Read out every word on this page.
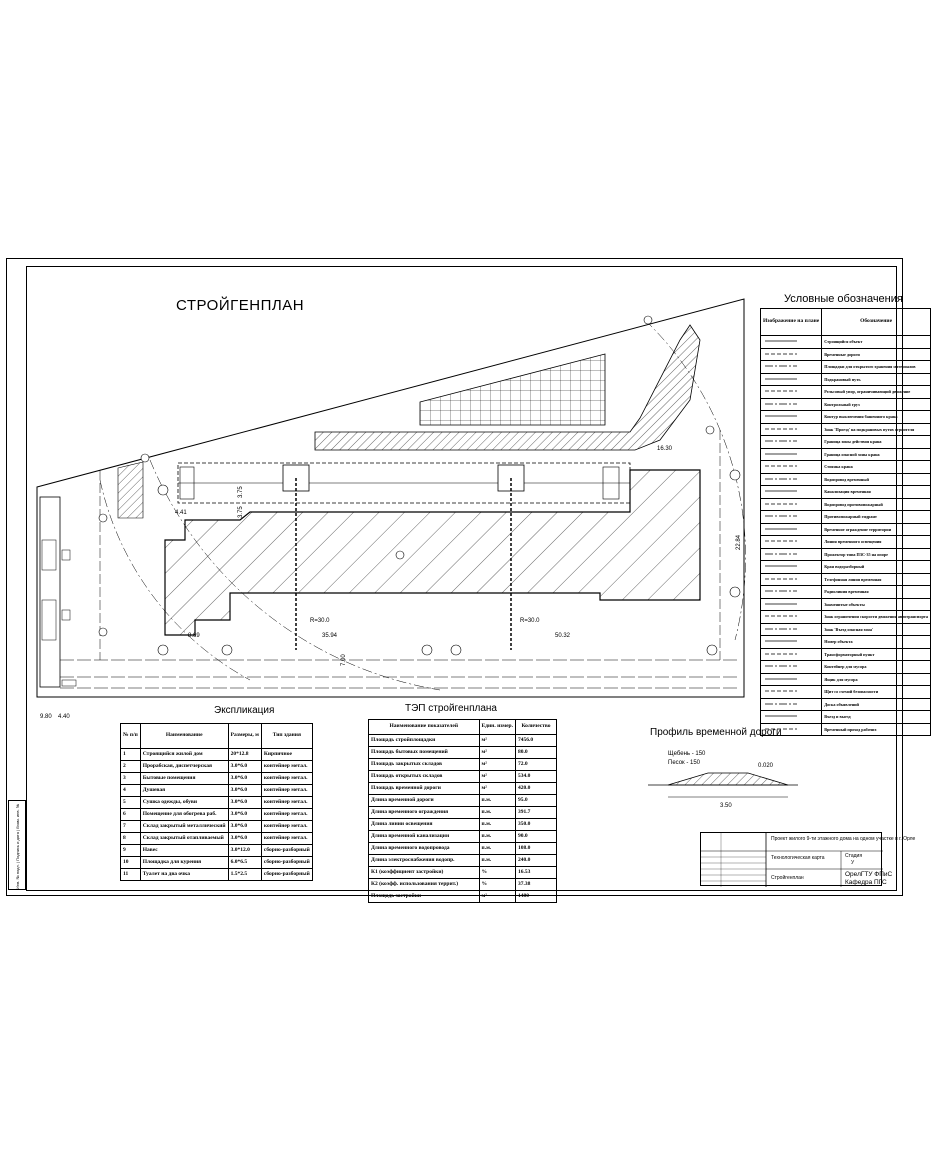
Инв. № подл. | Подпись и дата | Взам. инв. №
СТРОЙГЕНПЛАН	Условные обозначения
Экспликация	ТЭП стройгенплана
Профиль временной дороги
16.30
22.84
4.41
3.75
3.75
35.94	50.32
8.69
7.00
9.80 4.40
R=30.0	R=30.0
№ п/п	Наименование	Размеры, м	Тип здания
1	Строящийся жилой дом	20*12.8	Кирпичное
2	Прорабская, диспетчерская	3.0*6.0	контейнер метал.
3	Бытовые помещения	3.0*6.0	контейнер метал.
4	Душевая	3.0*6.0	контейнер метал.
5	Сушка одежды, обуви	3.0*6.0	контейнер метал.
6	Помещение для обогрева раб.	3.0*6.0	контейнер метал.
7	Склад закрытый металлический	3.0*6.0	контейнер метал.
8	Склад закрытый отапливаемый	3.0*6.0	контейнер метал.
9	Навес	3.0*12.0	сборно-разборный
10	Площадка для курения	6.0*6.5	сборно-разборный
11	Туалет на два очка	1.5*2.5	сборно-разборный
Наименование показателей	Един. измер.	Количество
Площадь стройплощадки	м²	7456.0
Площадь бытовых помещений	м²	80.0
Площадь закрытых складов	м²	72.0
Площадь открытых складов	м²	534.0
Площадь временной дороги	м²	420.0
Длина временной дороги	п.м.	95.0
Длина временного ограждения	п.м.	391.7
Длина линии освещения	п.м.	350.0
Длина временной канализации	п.м.	90.0
Длина временного водопровода	п.м.	108.0
Длина электроснабжения водопр.	п.м.	240.0
К1 (коэффициент застройки)	%	16.53
К2 (коэфф. использования террит.)	%	37.38
Площадь застройки	м²	1480
Изображение на плане	Обозначение
	Строящийся объект
	Временные дороги
	Площадки для открытого хранения материалов
	Подкрановый путь
	Рельсовый упор, ограничивающий движение
	Контрольный груз
	Контур выключения башенного крана
	Знак 'Проезд' на подкрановых путях строителя
	Граница зоны действия крана
	Граница опасной зоны крана
	Стоянка крана
	Водопровод временный
	Канализация временная
	Водопровод противопожарный
	Противопожарный гидрант
	Временное ограждение территории
	Линия временного освещения
	Прожектор типа ПЗС-35 на опоре
	Кран водоразборный
	Телефонная линия временная
	Радиолиния временная
	Знаменитые объекты
	Знак ограничения скорости движения автотранспорта
	Знак 'Въезд опасная зона'
	Номер объекта
	Трансформаторный пункт
	Контейнер для мусора
	Ящик для мусора
	Щит со схемой безопасности
	Доска объявлений
	Въезд и выезд
	Временный проход рабочих
Щебень - 150
Песок - 150	0.020
3.50
Проект жилого 9-ти этажного дома на одном участке в г. Орле
Технологическая карта
Стройгенплан
Стадия
У
ОрелГТУ ФПиС
Кафедра ПГС
